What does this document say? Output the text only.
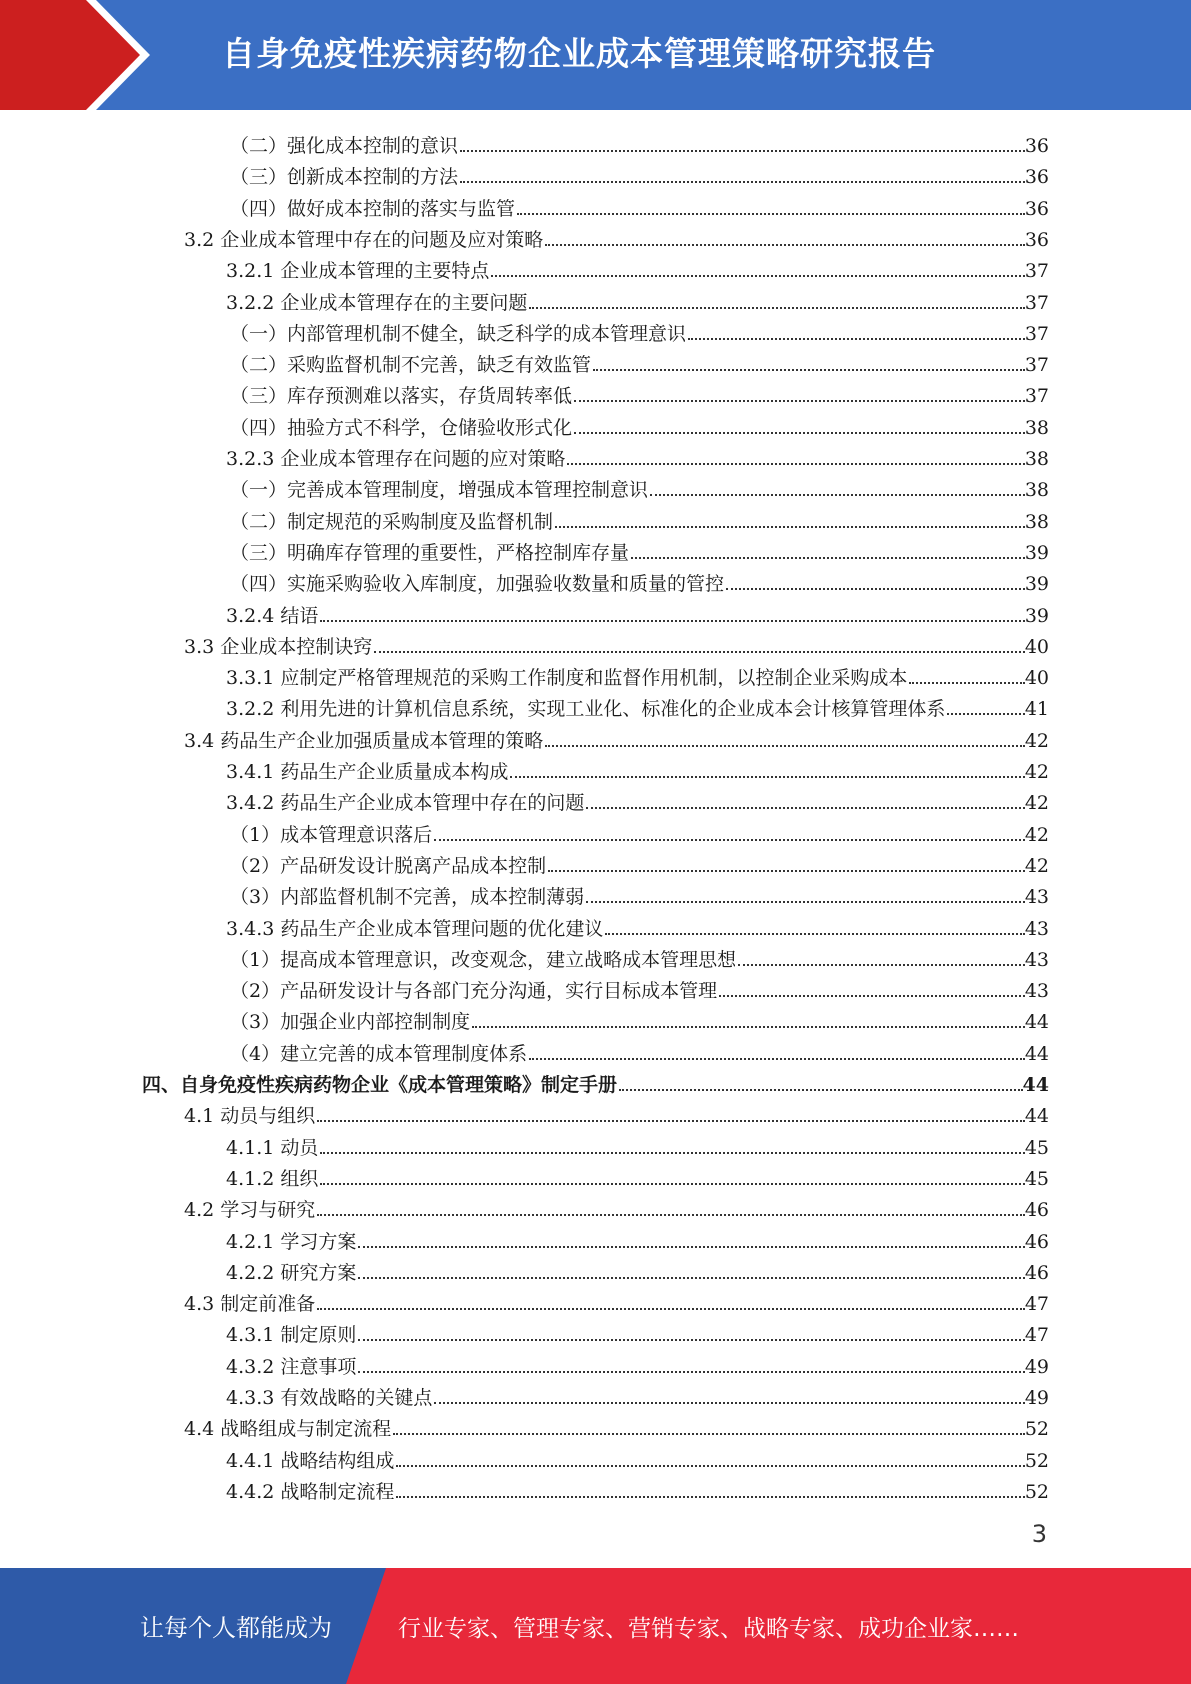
自身免疫性疾病药物企业成本管理策略研究报告
（二）强化成本控制的意识	36
（三）创新成本控制的方法	36
（四）做好成本控制的落实与监管	36
3.2 企业成本管理中存在的问题及应对策略	36
3.2.1 企业成本管理的主要特点	37
3.2.2 企业成本管理存在的主要问题	37
（一）内部管理机制不健全，缺乏科学的成本管理意识	37
（二）采购监督机制不完善，缺乏有效监管	37
（三）库存预测难以落实，存货周转率低	37
（四）抽验方式不科学，仓储验收形式化	38
3.2.3 企业成本管理存在问题的应对策略	38
（一）完善成本管理制度，增强成本管理控制意识	38
（二）制定规范的采购制度及监督机制	38
（三）明确库存管理的重要性，严格控制库存量	39
（四）实施采购验收入库制度，加强验收数量和质量的管控	39
3.2.4 结语	39
3.3 企业成本控制诀窍	40
3.3.1 应制定严格管理规范的采购工作制度和监督作用机制，以控制企业采购成本	40
3.2.2 利用先进的计算机信息系统，实现工业化、标准化的企业成本会计核算管理体系	41
3.4 药品生产企业加强质量成本管理的策略	42
3.4.1 药品生产企业质量成本构成	42
3.4.2 药品生产企业成本管理中存在的问题	42
（1）成本管理意识落后	42
（2）产品研发设计脱离产品成本控制	42
（3）内部监督机制不完善，成本控制薄弱	43
3.4.3 药品生产企业成本管理问题的优化建议	43
（1）提高成本管理意识，改变观念，建立战略成本管理思想	43
（2）产品研发设计与各部门充分沟通，实行目标成本管理	43
（3）加强企业内部控制制度	44
（4）建立完善的成本管理制度体系	44
四、自身免疫性疾病药物企业《成本管理策略》制定手册	44
4.1 动员与组织	44
4.1.1 动员	45
4.1.2 组织	45
4.2 学习与研究	46
4.2.1 学习方案	46
4.2.2 研究方案	46
4.3 制定前准备	47
4.3.1 制定原则	47
4.3.2 注意事项	49
4.3.3 有效战略的关键点	49
4.4 战略组成与制定流程	52
4.4.1 战略结构组成	52
4.4.2 战略制定流程	52
3
让每个人都能成为	行业专家、管理专家、营销专家、战略专家、成功企业家……
